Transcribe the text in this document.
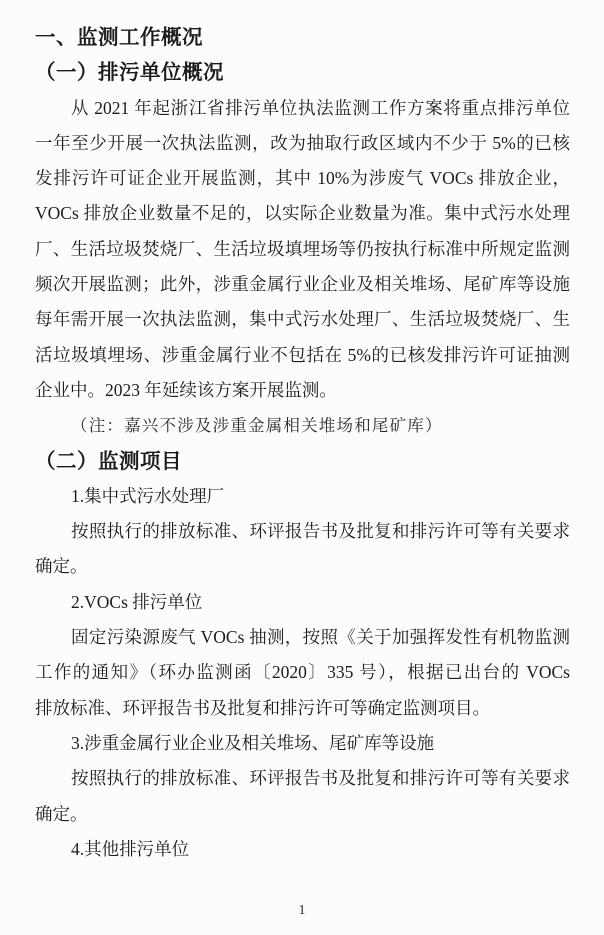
一、监测工作概况
（一）排污单位概况
从 2021 年起浙江省排污单位执法监测工作方案将重点排污单位
一年至少开展一次执法监测，改为抽取行政区域内不少于 5%的已核
发排污许可证企业开展监测，其中 10%为涉废气 VOCs 排放企业，
VOCs 排放企业数量不足的，以实际企业数量为准。集中式污水处理
厂、生活垃圾焚烧厂、生活垃圾填埋场等仍按执行标准中所规定监测
频次开展监测；此外，涉重金属行业企业及相关堆场、尾矿库等设施
每年需开展一次执法监测，集中式污水处理厂、生活垃圾焚烧厂、生
活垃圾填埋场、涉重金属行业不包括在 5%的已核发排污许可证抽测
企业中。2023 年延续该方案开展监测。
（注：嘉兴不涉及涉重金属相关堆场和尾矿库）
（二）监测项目
1.集中式污水处理厂
按照执行的排放标准、环评报告书及批复和排污许可等有关要求
确定。
2.VOCs 排污单位
固定污染源废气 VOCs 抽测，按照《关于加强挥发性有机物监测
工作的通知》（环办监测函〔2020〕335 号），根据已出台的 VOCs
排放标准、环评报告书及批复和排污许可等确定监测项目。
3.涉重金属行业企业及相关堆场、尾矿库等设施
按照执行的排放标准、环评报告书及批复和排污许可等有关要求
确定。
4.其他排污单位
1
